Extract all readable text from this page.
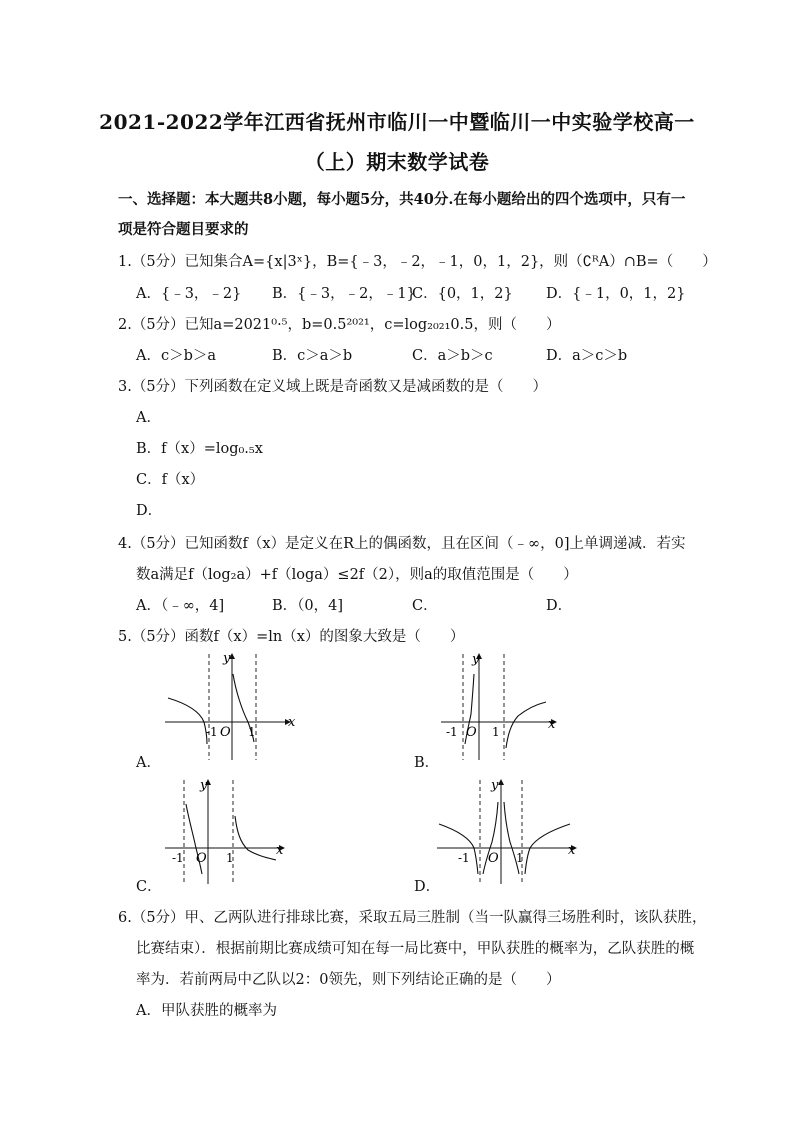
2021-2022学年江西省抚州市临川一中暨临川一中实验学校高一
（上）期末数学试卷
一、选择题：本大题共8小题，每小题5分，共40分.在每小题给出的四个选项中，只有一
项是符合题目要求的
1.（5分）已知集合A={x|3ˣ}，B={﹣3，﹣2，﹣1，0，1，2}，则（∁ᴿA）∩B=（　　）
A．{﹣3，﹣2} B．{﹣3，﹣2，﹣1}
C．{0，1，2} D．{﹣1，0，1，2}
2.（5分）已知a=2021⁰·⁵，b=0.5²⁰²¹，c=log₂₀₂₁0.5，则（　　）
A．c＞b＞a	B．c＞a＞b	C．a＞b＞c	D．a＞c＞b
3.（5分）下列函数在定义域上既是奇函数又是减函数的是（　　）
A．
B．f（x）=log₀.₅x
C．f（x）
D．
4.（5分）已知函数f（x）是定义在R上的偶函数，且在区间（﹣∞，0]上单调递减．若实
数a满足f（log₂a）+f（loga）≤2f（2），则a的取值范围是（　　）
A．（﹣∞，4]	B．（0，4]	C．	D．
5.（5分）函数f（x）=ln（x）的图象大致是（　　）
y
x
-1 O 1
A．
y
x
-1 O 1
B．
y
x
-1 O 1
C．
y
x
-1 O 1
D．
6.（5分）甲、乙两队进行排球比赛，采取五局三胜制（当一队赢得三场胜利时，该队获胜，
比赛结束）．根据前期比赛成绩可知在每一局比赛中，甲队获胜的概率为，乙队获胜的概
率为．若前两局中乙队以2：0领先，则下列结论正确的是（　　）
A．甲队获胜的概率为
